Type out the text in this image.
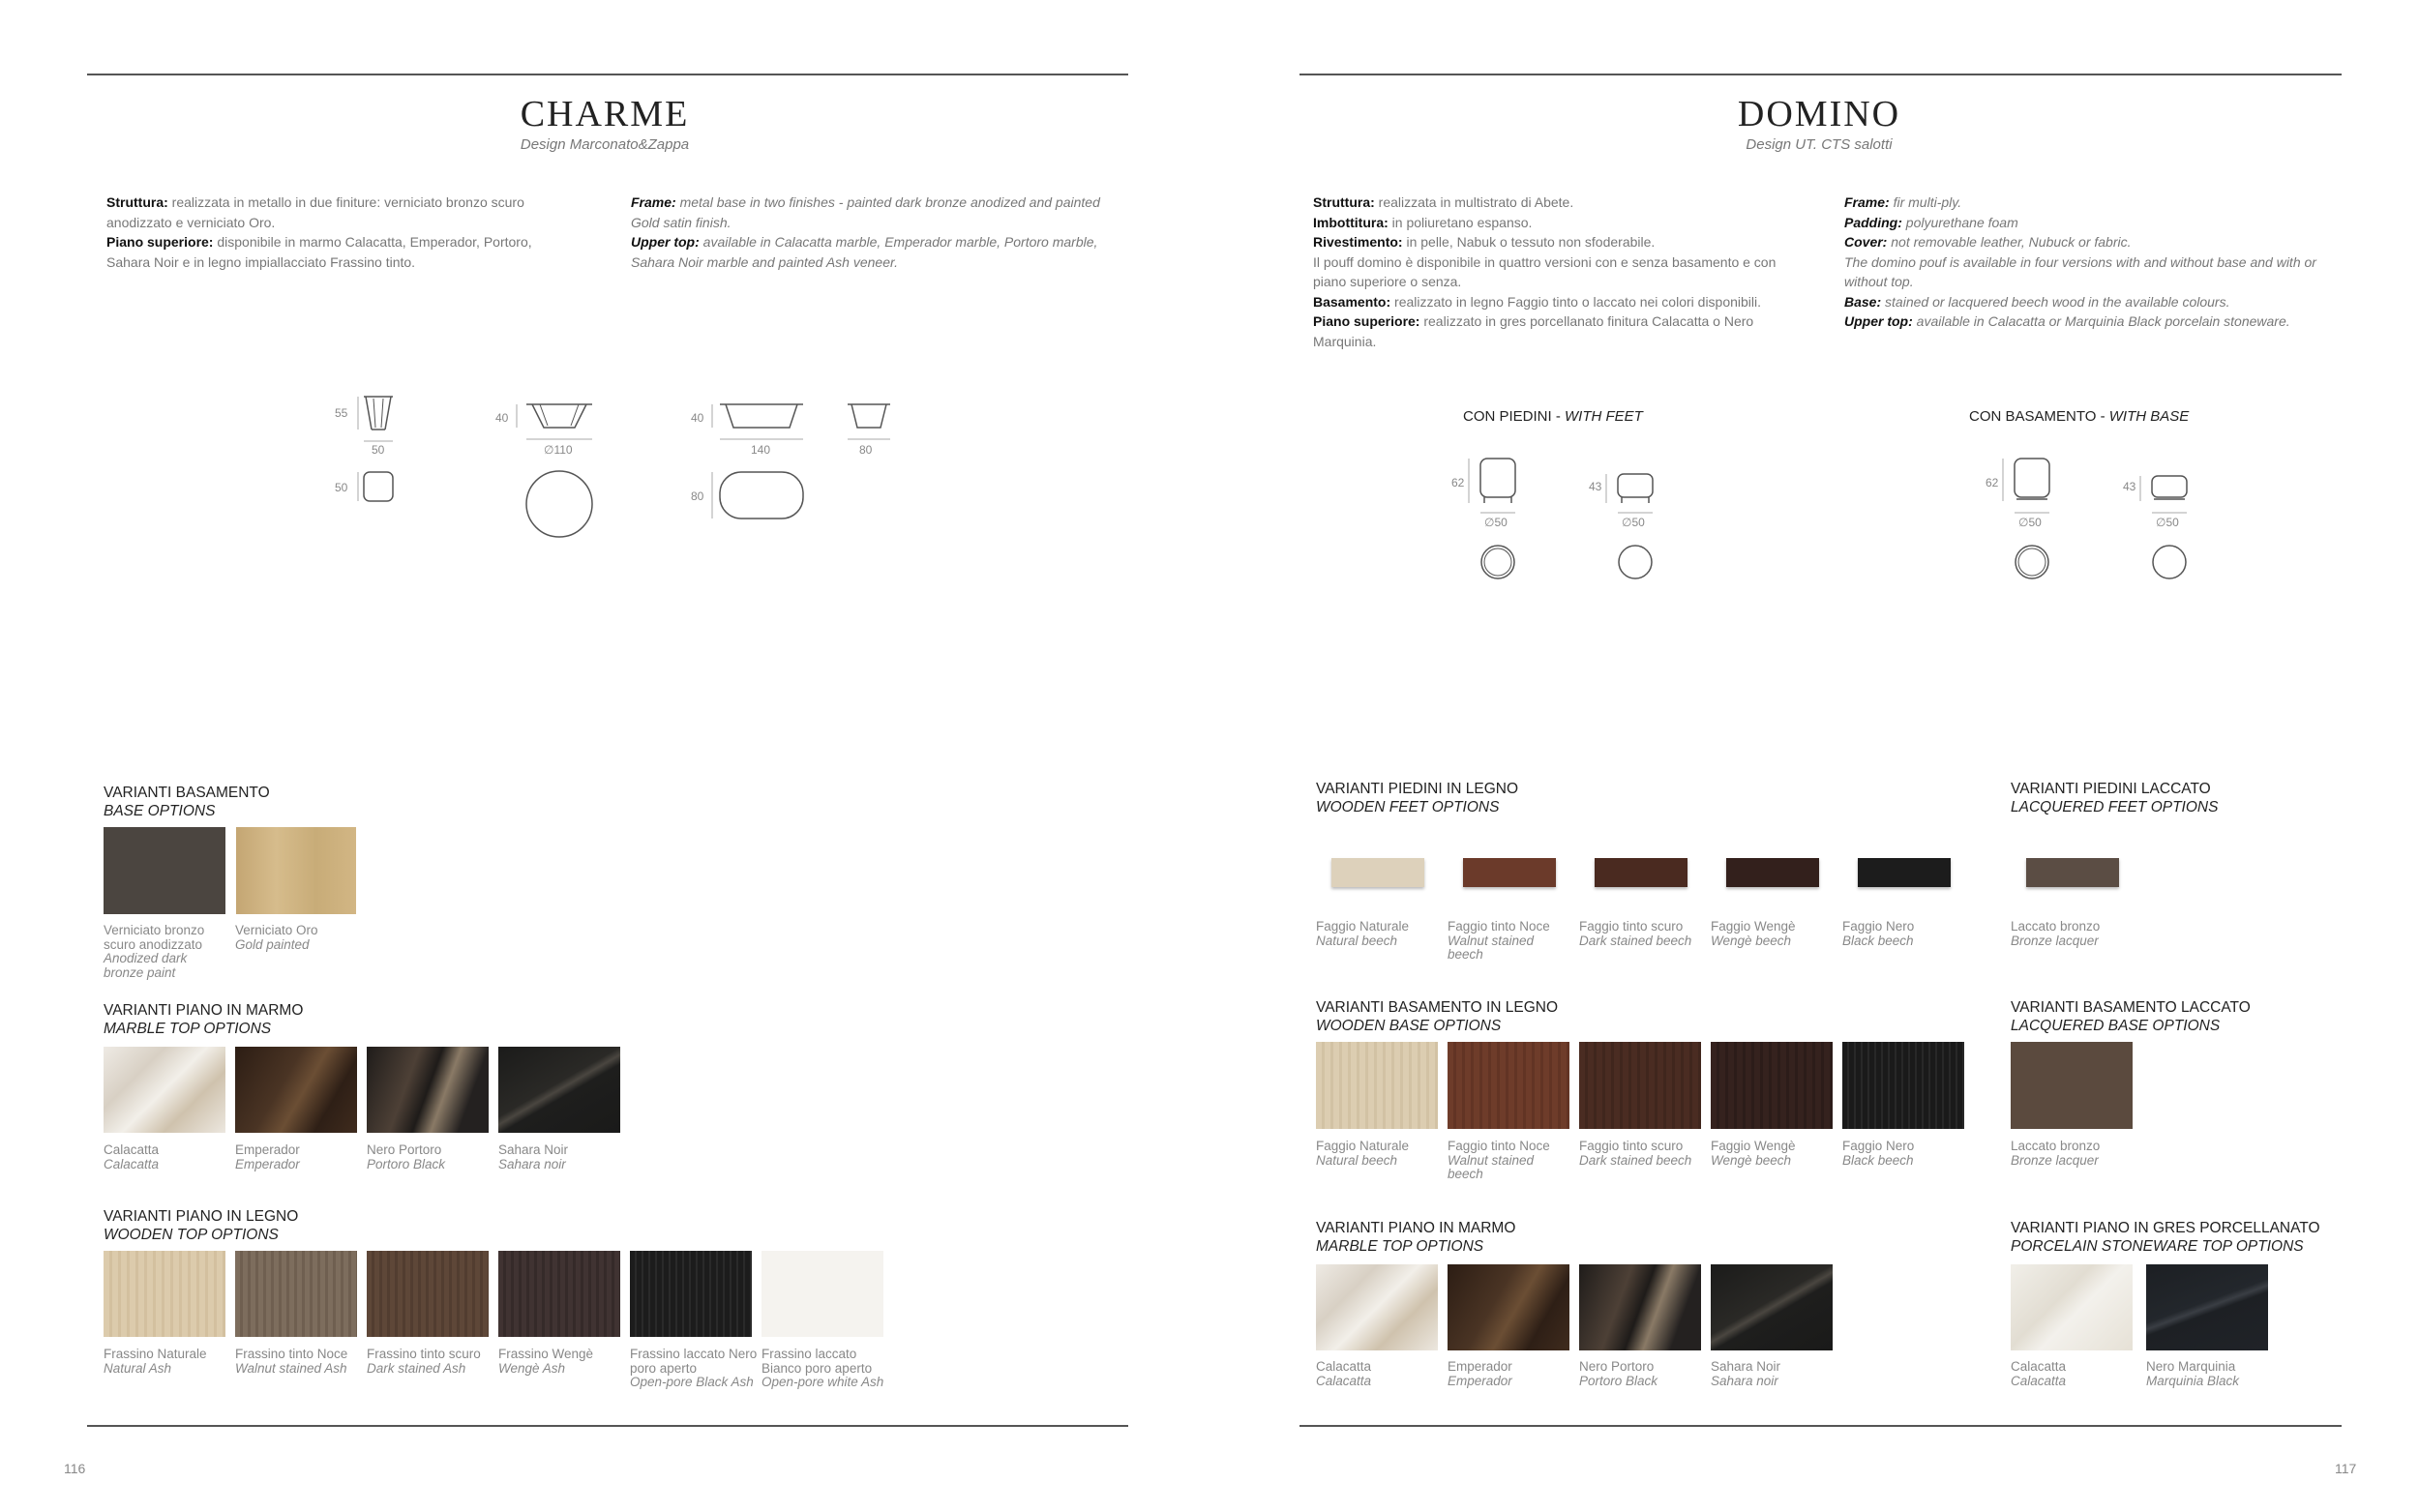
CHARME
Design Marconato&Zappa
Struttura: realizzata in metallo in due finiture: verniciato bronzo scuro anodizzato e verniciato Oro.
Piano superiore: disponibile in marmo Calacatta, Emperador, Portoro, Sahara Noir e in legno impiallacciato Frassino tinto.
Frame: metal base in two finishes - painted dark bronze anodized and painted Gold satin finish.
Upper top: available in Calacatta marble, Emperador marble, Portoro marble, Sahara Noir marble and painted Ash veneer.
55
50
50
40
∅110
40
140
80
80
VARIANTI BASAMENTO
BASE OPTIONS
Verniciato bronzo scuro anodizzato
Anodized dark bronze paint
Verniciato Oro
Gold painted
VARIANTI PIANO IN MARMO
MARBLE TOP OPTIONS
Calacatta
Calacatta
Emperador
Emperador
Nero Portoro
Portoro Black
Sahara Noir
Sahara noir
VARIANTI PIANO IN LEGNO
WOODEN TOP OPTIONS
Frassino Naturale
Natural Ash
Frassino tinto Noce
Walnut stained Ash
Frassino tinto scuro
Dark stained Ash
Frassino Wengè
Wengè Ash
Frassino laccato Nero poro aperto
Open-pore Black Ash
Frassino laccato Bianco poro aperto
Open-pore white Ash
DOMINO
Design UT. CTS salotti
Struttura: realizzata in multistrato di Abete.
Imbottitura: in poliuretano espanso.
Rivestimento: in pelle, Nabuk o tessuto non sfoderabile.
Il pouff domino è disponibile in quattro versioni con e senza basamento e con piano superiore o senza.
Basamento: realizzato in legno Faggio tinto o laccato nei colori disponibili.
Piano superiore: realizzato in gres porcellanato finitura Calacatta o Nero Marquinia.
Frame: fir multi-ply.
Padding: polyurethane foam
Cover: not removable leather, Nubuck or fabric.
The domino pouf is available in four versions with and without base and with or without top.
Base: stained or lacquered beech wood in the available colours.
Upper top: available in Calacatta or Marquinia Black porcelain stoneware.
CON PIEDINI - WITH FEET	CON BASAMENTO - WITH BASE
62
∅50
43
∅50
62
∅50
43
∅50
VARIANTI PIEDINI IN LEGNO
WOODEN FEET OPTIONS
Faggio Naturale
Natural beech
Faggio tinto Noce
Walnut stained beech
Faggio tinto scuro
Dark stained beech
Faggio Wengè
Wengè beech
Faggio Nero
Black beech
VARIANTI PIEDINI LACCATO
LACQUERED FEET OPTIONS
Laccato bronzo
Bronze lacquer
VARIANTI BASAMENTO IN LEGNO
WOODEN BASE OPTIONS
Faggio Naturale
Natural beech
Faggio tinto Noce
Walnut stained beech
Faggio tinto scuro
Dark stained beech
Faggio Wengè
Wengè beech
Faggio Nero
Black beech
VARIANTI BASAMENTO LACCATO
LACQUERED BASE OPTIONS
Laccato bronzo
Bronze lacquer
VARIANTI PIANO IN MARMO
MARBLE TOP OPTIONS
Calacatta
Calacatta
Emperador
Emperador
Nero Portoro
Portoro Black
Sahara Noir
Sahara noir
VARIANTI PIANO IN GRES PORCELLANATO
PORCELAIN STONEWARE TOP OPTIONS
Calacatta
Calacatta
Nero Marquinia
Marquinia Black
116	117
